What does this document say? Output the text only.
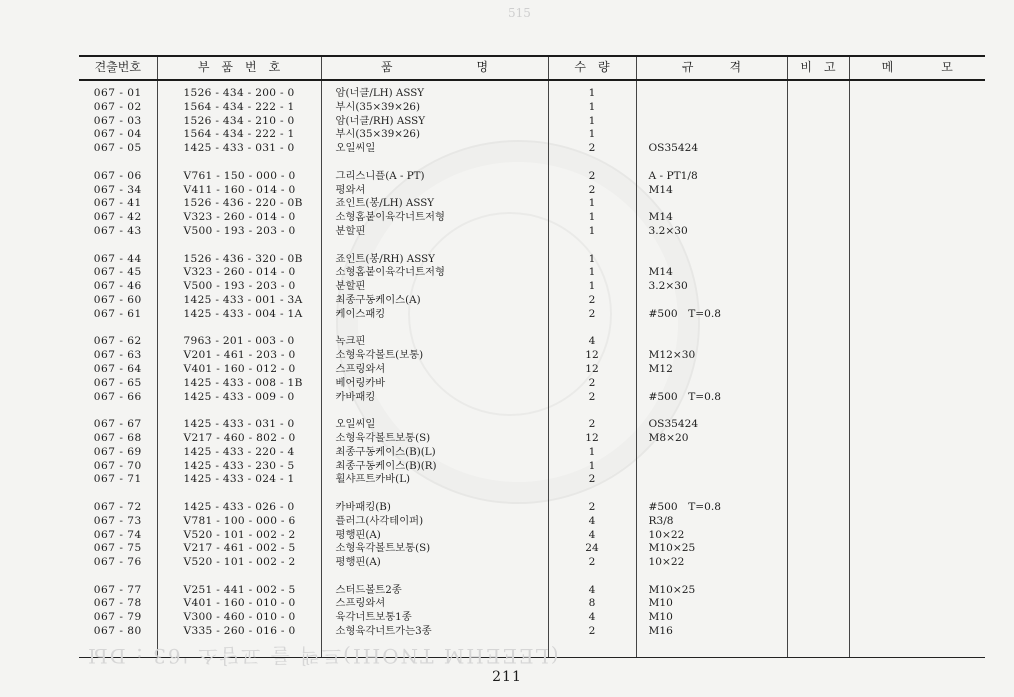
515
견출번호	부　품　번　호	품　　　　　　　명	수　량	규　　　격	비　고	메　　　　모

067 - 01	1526 - 434 - 200 - 0	암(너클/LH) ASSY	1			
067 - 02	1564 - 434 - 222 - 1	부시(35×39×26)	1			
067 - 03	1526 - 434 - 210 - 0	암(너클/RH) ASSY	1			
067 - 04	1564 - 434 - 222 - 1	부시(35×39×26)	1			
067 - 05	1425 - 433 - 031 - 0	오일씨일	2	OS35424		

067 - 06	V761 - 150 - 000 - 0	그리스니플(A - PT)	2	A - PT1/8		
067 - 34	V411 - 160 - 014 - 0	평와셔	2	M14		
067 - 41	1526 - 436 - 220 - 0B	죠인트(봉/LH) ASSY	1			
067 - 42	V323 - 260 - 014 - 0	소형홈붙이육각너트저형	1	M14		
067 - 43	V500 - 193 - 203 - 0	분할핀	1	3.2×30		

067 - 44	1526 - 436 - 320 - 0B	죠인트(봉/RH) ASSY	1			
067 - 45	V323 - 260 - 014 - 0	소형홈붙이육각너트저형	1	M14		
067 - 46	V500 - 193 - 203 - 0	분할핀	1	3.2×30		
067 - 60	1425 - 433 - 001 - 3A	최종구동케이스(A)	2			
067 - 61	1425 - 433 - 004 - 1A	케이스패킹	2	#500　T=0.8		

067 - 62	7963 - 201 - 003 - 0	녹크핀	4			
067 - 63	V201 - 461 - 203 - 0	소형육각볼트(보통)	12	M12×30		
067 - 64	V401 - 160 - 012 - 0	스프링와셔	12	M12		
067 - 65	1425 - 433 - 008 - 1B	베어링카바	2			
067 - 66	1425 - 433 - 009 - 0	카바패킹	2	#500　T=0.8		

067 - 67	1425 - 433 - 031 - 0	오일씨일	2	OS35424		
067 - 68	V217 - 460 - 802 - 0	소형육각볼트보통(S)	12	M8×20		
067 - 69	1425 - 433 - 220 - 4	최종구동케이스(B)(L)	1			
067 - 70	1425 - 433 - 230 - 5	최종구동케이스(B)(R)	1			
067 - 71	1425 - 433 - 024 - 1	휠샤프트카바(L)	2			

067 - 72	1425 - 433 - 026 - 0	카바패킹(B)	2	#500　T=0.8		
067 - 73	V781 - 100 - 000 - 6	플러그(사각테이퍼)	4	R3/8		
067 - 74	V520 - 101 - 002 - 2	평행핀(A)	4	10×22		
067 - 75	V217 - 461 - 002 - 5	소형육각볼트보통(S)	24	M10×25		
067 - 76	V520 - 101 - 002 - 2	평행핀(A)	2	10×22		

067 - 77	V251 - 441 - 002 - 5	스터드볼트2종	4	M10×25		
067 - 78	V401 - 160 - 010 - 0	스프링와셔	8	M10		
067 - 79	V300 - 460 - 010 - 0	육각너트보통1종	4	M10		
067 - 80	V335 - 260 - 016 - 0	소형육각너트가는3종	2	M16		

(LEEEHM TNOHI)트랙 를 교담소 '63 : DЫ
211
